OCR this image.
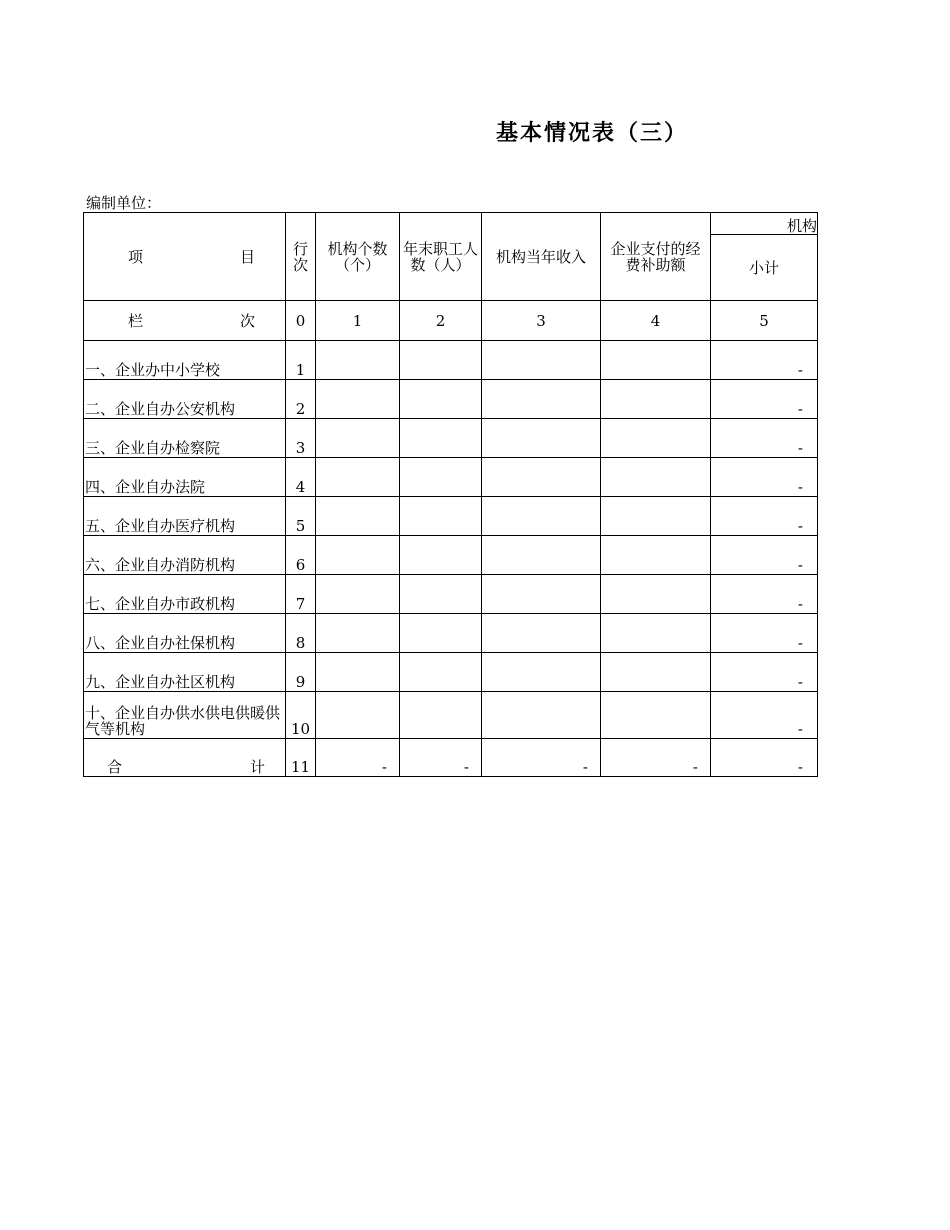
基本情况表（三）
编制单位：
项 目	行次	机构个数（个）	年末职工人数（人）	机构当年收入	企业支付的经费补助额	机构
						小计

栏 次	0	1	2	3	4	5
一、企业办中小学校	1					-
二、企业自办公安机构	2					-
三、企业自办检察院	3					-
四、企业自办法院	4					-
五、企业自办医疗机构	5					-
六、企业自办消防机构	6					-
七、企业自办市政机构	7					-
八、企业自办社保机构	8					-
九、企业自办社区机构	9					-
十、企业自办供水供电供暖供气等机构	10					-

合 计	11	-	-	-	-	-
